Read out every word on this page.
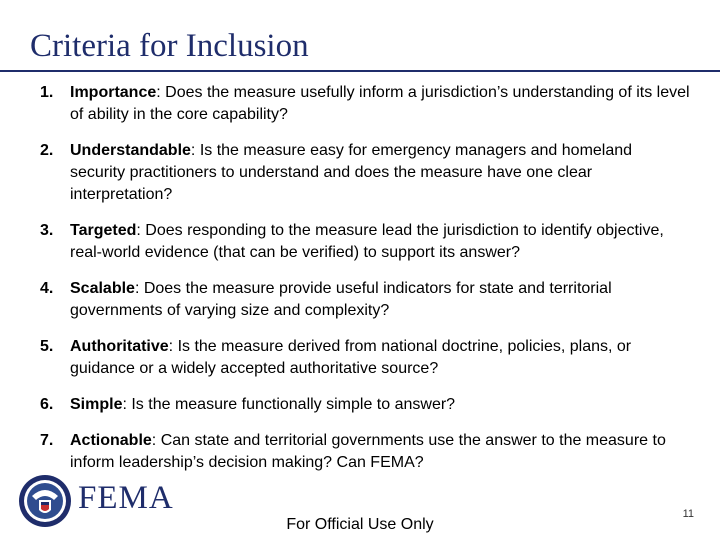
Criteria for Inclusion
1. Importance: Does the measure usefully inform a jurisdiction’s understanding of its level of ability in the core capability?
2. Understandable: Is the measure easy for emergency managers and homeland security practitioners to understand and does the measure have one clear interpretation?
3. Targeted: Does responding to the measure lead the jurisdiction to identify objective, real-world evidence (that can be verified) to support its answer?
4. Scalable: Does the measure provide useful indicators for state and territorial governments of varying size and complexity?
5. Authoritative: Is the measure derived from national doctrine, policies, plans, or guidance or a widely accepted authoritative source?
6. Simple: Is the measure functionally simple to answer?
7. Actionable: Can state and territorial governments use the answer to the measure to inform leadership’s decision making? Can FEMA?
FEMA
For Official Use Only
11
